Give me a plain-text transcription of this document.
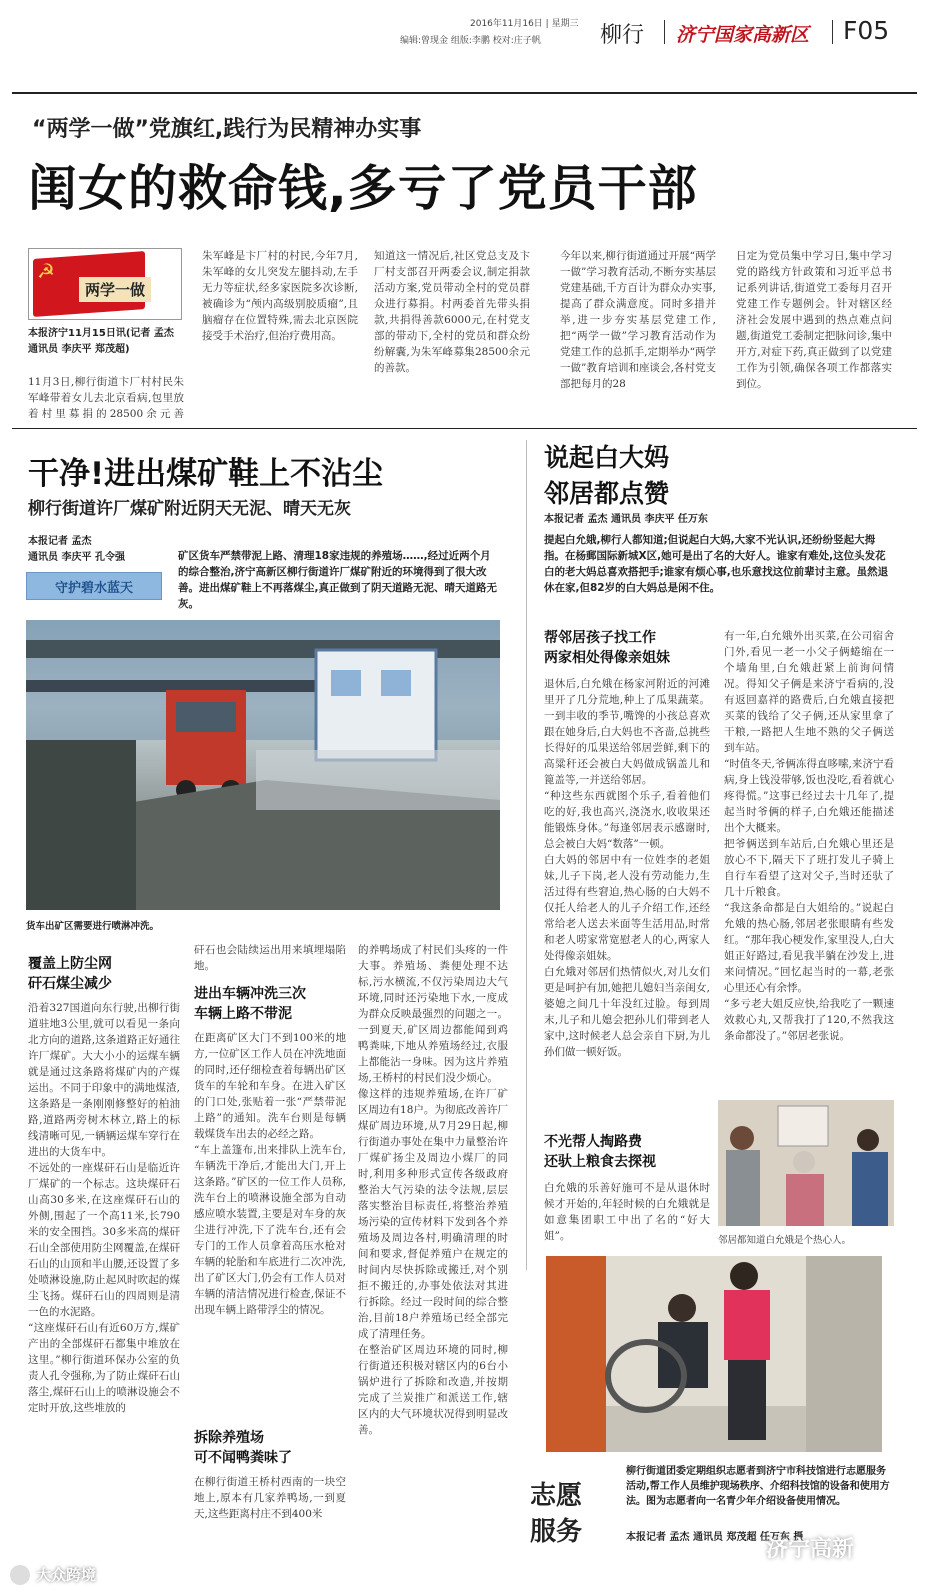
2016年11月16日 | 星期三
编辑:曾现金 组版:李鹏 校对:庄子帆	柳行 济宁国家高新区 F05
“两学一做”党旗红,践行为民精神办实事
闺女的救命钱,多亏了党员干部
☭
两学一做
本报济宁11月15日讯(记者 孟杰 通讯员 李庆平 郑茂超)
11月3日,柳行街道卞厂村村民朱军峰带着女儿去北京看病,包里放着村里募捐的28500余元善
朱军峰是卞厂村的村民,今年7月,朱军峰的女儿突发左腿抖动,左手无力等症状,经多家医院多次诊断,被确诊为“颅内高级别胶质瘤”,且脑瘤存在位置特殊,需去北京医院接受手术治疗,但治疗费用高。
知道这一情况后,社区党总支及卞厂村支部召开两委会议,制定捐款活动方案,党员带动全村的党员群众进行募捐。村两委首先带头捐款,共捐得善款6000元,在村党支部的带动下,全村的党员和群众纷纷解囊,为朱军峰募集28500余元的善款。
今年以来,柳行街道通过开展“两学一做”学习教育活动,不断夯实基层党建基础,千方百计为群众办实事,提高了群众满意度。同时多措并举,进一步夯实基层党建工作,把“两学一做”学习教育活动作为党建工作的总抓手,定期举办“两学一做”教育培训和座谈会,各村党支部把每月的28
日定为党员集中学习日,集中学习党的路线方针政策和习近平总书记系列讲话,街道党工委每月召开党建工作专题例会。针对辖区经济社会发展中遇到的热点难点问题,街道党工委制定把脉问诊,集中开方,对症下药,真正做到了以党建工作为引领,确保各项工作都落实到位。
干净!进出煤矿鞋上不沾尘
柳行街道许厂煤矿附近阴天无泥、晴天无灰
本报记者 孟杰
通讯员 李庆平 孔令强
守护碧水蓝天
矿区货车严禁带泥上路、清理18家违规的养殖场……,经过近两个月的综合整治,济宁高新区柳行街道许厂煤矿附近的环境得到了很大改善。进出煤矿鞋上不再落煤尘,真正做到了阴天道路无泥、晴天道路无灰。
货车出矿区需要进行喷淋冲洗。
覆盖上防尘网
矸石煤尘减少
沿着327国道向东行驶,出柳行街道驻地3公里,就可以看见一条向北方向的道路,这条道路正好通往许厂煤矿。大大小小的运煤车辆就是通过这条路将煤矿内的产煤运出。不同于印象中的满地煤渣,这条路是一条刚刚修整好的柏油路,道路两旁树木林立,路上的标线清晰可见,一辆辆运煤车穿行在进出的大货车中。
不远处的一座煤矸石山是临近许厂煤矿的一个标志。这块煤矸石山高30多米,在这座煤矸石山的外侧,围起了一个高11米,长790米的安全围挡。30多米高的煤矸石山全部使用防尘网覆盖,在煤矸石山的山顶和半山腰,还设置了多处喷淋设施,防止起风时吹起的煤尘飞扬。煤矸石山的四周则是清一色的水泥路。
“这座煤矸石山有近60万方,煤矿产出的全部煤矸石都集中堆放在这里。”柳行街道环保办公室的负责人孔令强称,为了防止煤矸石山落尘,煤矸石山上的喷淋设施会不定时开放,这些堆放的
矸石也会陆续运出用来填埋塌陷地。
进出车辆冲洗三次
车辆上路不带泥
在距离矿区大门不到100米的地方,一位矿区工作人员在冲洗地面的同时,还仔细检查着每辆出矿区货车的车轮和车身。在进入矿区的门口处,张贴着一张“严禁带泥上路”的通知。洗车台则是每辆载煤货车出去的必经之路。
“车上盖篷布,出来排队上洗车台,车辆洗干净后,才能出大门,开上这条路。”矿区的一位工作人员称,洗车台上的喷淋设施全部为自动感应喷水装置,主要是对车身的灰尘进行冲洗,下了洗车台,还有会专门的工作人员拿着高压水枪对车辆的轮胎和车底进行二次冲洗,出了矿区大门,仍会有工作人员对车辆的清洁情况进行检查,保证不出现车辆上路带浮尘的情况。
拆除养殖场
可不闻鸭粪味了
在柳行街道王桥村西南的一块空地上,原本有几家养鸭场,一到夏天,这些距离村庄不到400米
的养鸭场成了村民们头疼的一件大事。养殖场、粪便处理不达标,污水横流,不仅污染周边大气环境,同时还污染地下水,一度成为群众反映最强烈的问题之一。一到夏天,矿区周边都能闻到鸡鸭粪味,下地从养殖场经过,衣服上都能沾一身味。因为这片养殖场,王桥村的村民们没少烦心。
像这样的违规养殖场,在许厂矿区周边有18户。为彻底改善许厂煤矿周边环境,从7月29日起,柳行街道办事处在集中力量整治许厂煤矿扬尘及周边小煤厂的同时,利用多种形式宣传各级政府整治大气污染的法令法规,层层落实整治目标责任,将整治养殖场污染的宣传材料下发到各个养殖场及周边各村,明确清理的时间和要求,督促养殖户在规定的时间内尽快拆除或搬迁,对个别拒不搬迁的,办事处依法对其进行拆除。经过一段时间的综合整治,目前18户养殖场已经全部完成了清理任务。
在整治矿区周边环境的同时,柳行街道还积极对辖区内的6台小锅炉进行了拆除和改造,并按期完成了兰炭推广和派送工作,辖区内的大气环境状况得到明显改善。
说起白大妈
邻居都点赞
本报记者 孟杰 通讯员 李庆平 任万东
提起白允娥,柳行人都知道;但说起白大妈,大家不光认识,还纷纷竖起大拇指。在杨郵国际新城X区,她可是出了名的大好人。谁家有难处,这位头发花白的老大妈总喜欢搭把手;谁家有烦心事,也乐意找这位前辈讨主意。虽然退休在家,但82岁的白大妈总是闲不住。
帮邻居孩子找工作
两家相处得像亲姐妹
退休后,白允娥在杨家河附近的河滩里开了几分荒地,种上了瓜果蔬菜。一到丰收的季节,嘴馋的小孩总喜欢跟在她身后,白大妈也不吝啬,总挑些长得好的瓜果送给邻居尝鲜,剩下的高粱秆还会被白大妈做成锅盖儿和篦盖等,一并送给邻居。
“种这些东西就图个乐子,看着他们吃的好,我也高兴,浇浇水,收收果还能锻炼身体。”每逢邻居表示感谢时,总会被白大妈“数落”一顿。
白大妈的邻居中有一位姓李的老姐妹,儿子下岗,老人没有劳动能力,生活过得有些窘迫,热心肠的白大妈不仅托人给老人的儿子介绍工作,还经常给老人送去米面等生活用品,时常和老人唠家常宽慰老人的心,两家人处得像亲姐妹。
白允娥对邻居们热情似火,对儿女们更是呵护有加,她把儿媳妇当亲闺女,婆媳之间几十年没红过脸。每到周末,儿子和儿媳会把孙儿们带到老人家中,这时候老人总会亲自下厨,为儿孙们做一顿好饭。
不光帮人掏路费
还驮上粮食去探视
白允娥的乐善好施可不是从退休时候才开始的,年轻时候的白允娥就是如意集团职工中出了名的“好大姐”。
有一年,白允娥外出买菜,在公司宿舍门外,看见一老一小父子俩蜷缩在一个墙角里,白允娥赶紧上前询问情况。得知父子俩是来济宁看病的,没有返回嘉祥的路费后,白允娥直接把买菜的钱给了父子俩,还从家里拿了干粮,一路把人生地不熟的父子俩送到车站。
“时值冬天,爷俩冻得直哆嗦,来济宁看病,身上钱没带够,饭也没吃,看着就心疼得慌。”这事已经过去十几年了,提起当时爷俩的样子,白允娥还能描述出个大概来。
把爷俩送到车站后,白允娥心里还是放心不下,隔天下了班打发儿子骑上自行车看望了这对父子,当时还驮了几十斤粮食。
“我这条命都是白大姐给的。”说起白允娥的热心肠,邻居老张眼睛有些发红。“那年我心梗发作,家里没人,白大姐正好路过,看见我半躺在沙发上,进来问情况。”回忆起当时的一幕,老张心里还心有余悸。
“多亏老大姐反应快,给我吃了一颗速效救心丸,又帮我打了120,不然我这条命都没了。”邻居老张说。
邻居都知道白允娥是个热心人。
志愿
服务
柳行街道团委定期组织志愿者到济宁市科技馆进行志愿服务活动,帮工作人员维护现场秩序、介绍科技馆的设备和使用方法。图为志愿者向一名青少年介绍设备使用情况。
本报记者 孟杰 通讯员 郑茂超 任万东 摄
大众跨境
济宁高新
